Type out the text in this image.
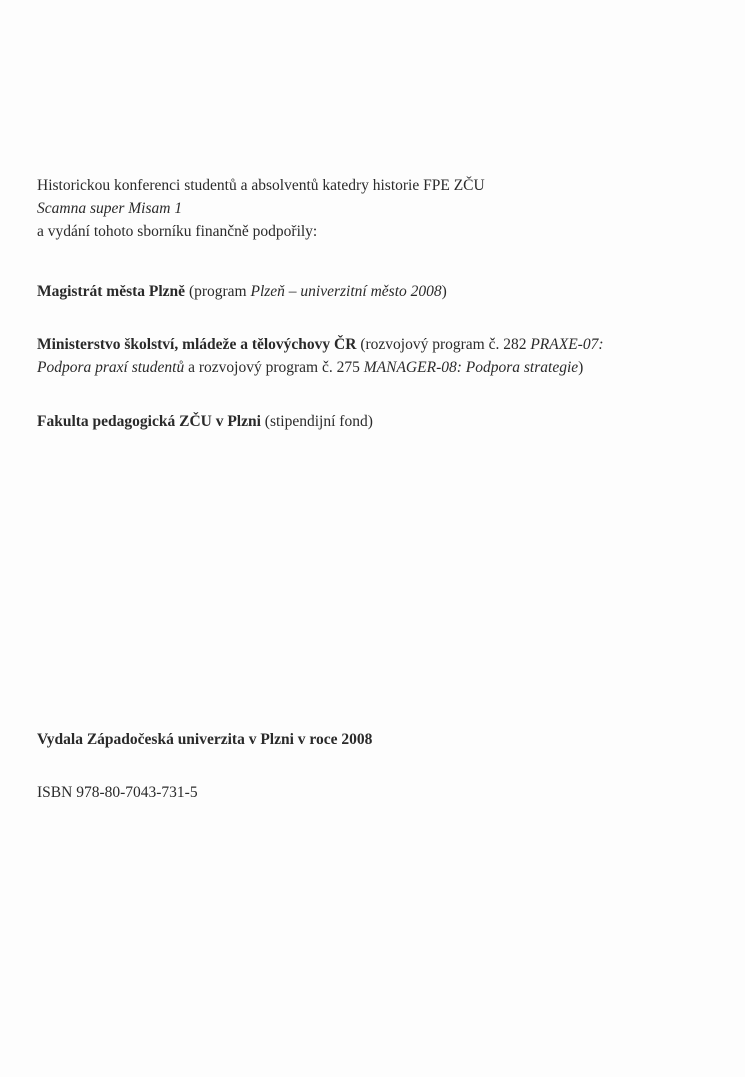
Historickou konferenci studentů a absolventů katedry historie FPE ZČU
Scamna super Misam 1
a vydání tohoto sborníku finančně podpořily:
Magistrát města Plzně (program Plzeň – univerzitní město 2008)
Ministerstvo školství, mládeže a tělovýchovy ČR (rozvojový program č. 282 PRAXE-07:
Podpora praxí studentů a rozvojový program č. 275 MANAGER-08: Podpora strategie)
Fakulta pedagogická ZČU v Plzni (stipendijní fond)
Vydala Západočeská univerzita v Plzni v roce 2008
ISBN 978-80-7043-731-5
